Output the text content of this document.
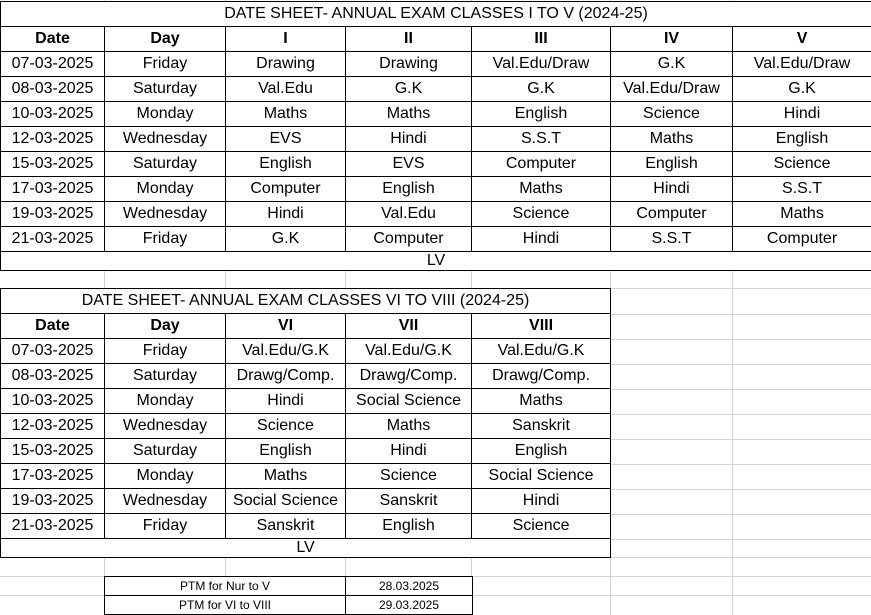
DATE SHEET- ANNUAL EXAM CLASSES I TO V (2024-25)						
Date	Day	I	II	III	IV	V
07-03-2025	Friday	Drawing	Drawing	Val.Edu/Draw	G.K	Val.Edu/Draw
08-03-2025	Saturday	Val.Edu	G.K	G.K	Val.Edu/Draw	G.K
10-03-2025	Monday	Maths	Maths	English	Science	Hindi
12-03-2025	Wednesday	EVS	Hindi	S.S.T	Maths	English
15-03-2025	Saturday	English	EVS	Computer	English	Science
17-03-2025	Monday	Computer	English	Maths	Hindi	S.S.T
19-03-2025	Wednesday	Hindi	Val.Edu	Science	Computer	Maths
21-03-2025	Friday	G.K	Computer	Hindi	S.S.T	Computer
LV						
DATE SHEET- ANNUAL EXAM CLASSES VI TO VIII (2024-25)				
Date	Day	VI	VII	VIII
07-03-2025	Friday	Val.Edu/G.K	Val.Edu/G.K	Val.Edu/G.K
08-03-2025	Saturday	Drawg/Comp.	Drawg/Comp.	Drawg/Comp.
10-03-2025	Monday	Hindi	Social Science	Maths
12-03-2025	Wednesday	Science	Maths	Sanskrit
15-03-2025	Saturday	English	Hindi	English
17-03-2025	Monday	Maths	Science	Social Science
19-03-2025	Wednesday	Social Science	Sanskrit	Hindi
21-03-2025	Friday	Sanskrit	English	Science
LV				
PTM for Nur to V	28.03.2025
PTM for VI to VIII	29.03.2025
